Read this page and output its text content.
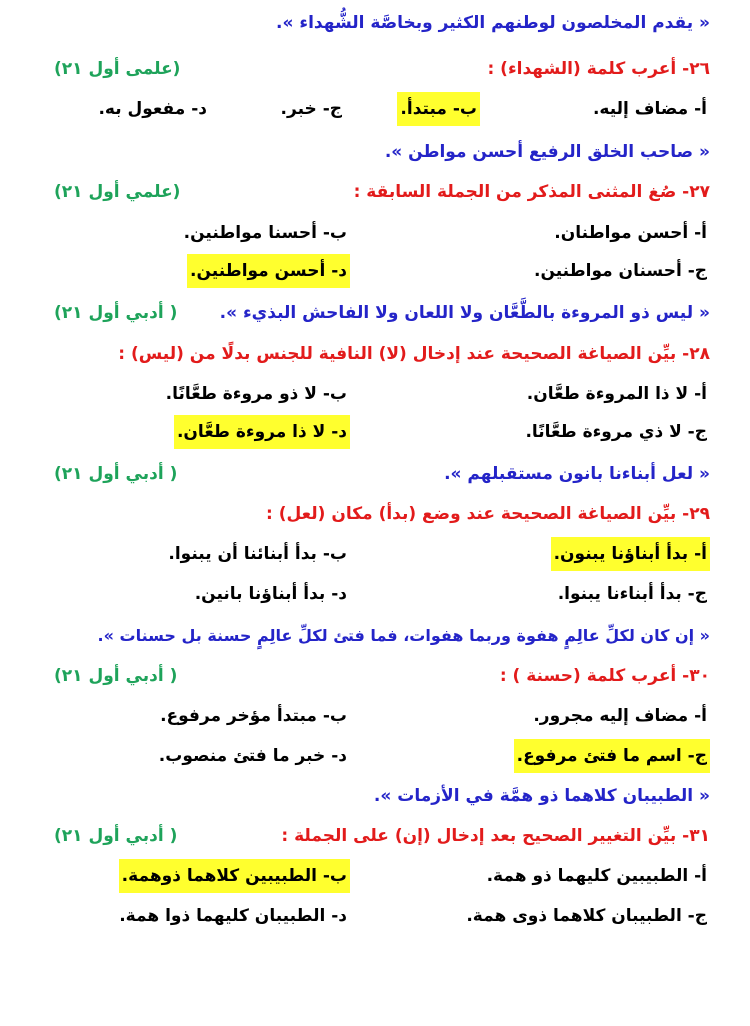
« يقدم المخلصون لوطنهم الكثير وبخاصَّة الشُّهداء ».
٢٦- أعرب كلمة (الشهداء) :
(علمى أول ٢١)
أ- مضاف إليه.
ب- مبتدأ.
ج- خبر.
د- مفعول به.
« صاحب الخلق الرفيع أحسن مواطن ».
٢٧- صُغ المثنى المذكر من الجملة السابقة :
(علمي أول ٢١)
أ- أحسن مواطنان.
ب- أحسنا مواطنين.
ج- أحسنان مواطنين.
د- أحسن مواطنين.
« ليس ذو المروءة بالطَّعَّان ولا اللعان ولا الفاحش البذيء ».
( أدبي أول ٢١)
٢٨- بيِّن الصياغة الصحيحة عند إدخال (لا) النافية للجنس بدلًا من (ليس) :
أ- لا ذا المروءة طعَّان.
ب- لا ذو مروءة طعَّانًا.
ج- لا ذي مروءة طعَّانًا.
د- لا ذا مروءة طعَّان.
« لعل أبناءنا بانون مستقبلهم ».
( أدبي أول ٢١)
٢٩- بيِّن الصياغة الصحيحة عند وضع (بدأ) مكان (لعل) :
أ- بدأ أبناؤنا يبنون.
ب- بدأ أبنائنا أن يبنوا.
ج- بدأ أبناءنا يبنوا.
د- بدأ أبناؤنا بانين.
« إن كان لكلِّ عالِمٍ هفوة وربما هفوات، فما فتئ لكلِّ عالِمٍ حسنة بل حسنات ».
٣٠- أعرب كلمة (حسنة ) :
( أدبي أول ٢١)
أ- مضاف إليه مجرور.
ب- مبتدأ مؤخر مرفوع.
ج- اسم ما فتئ مرفوع.
د- خبر ما فتئ منصوب.
« الطبيبان كلاهما ذو همَّة في الأزمات ».
٣١- بيِّن التغيير الصحيح بعد إدخال (إن) على الجملة :
( أدبي أول ٢١)
أ- الطبيبين كليهما ذو همة.
ب- الطبيبين كلاهما ذوهمة.
ج- الطبيبان كلاهما ذوى همة.
د- الطبيبان كليهما ذوا همة.
